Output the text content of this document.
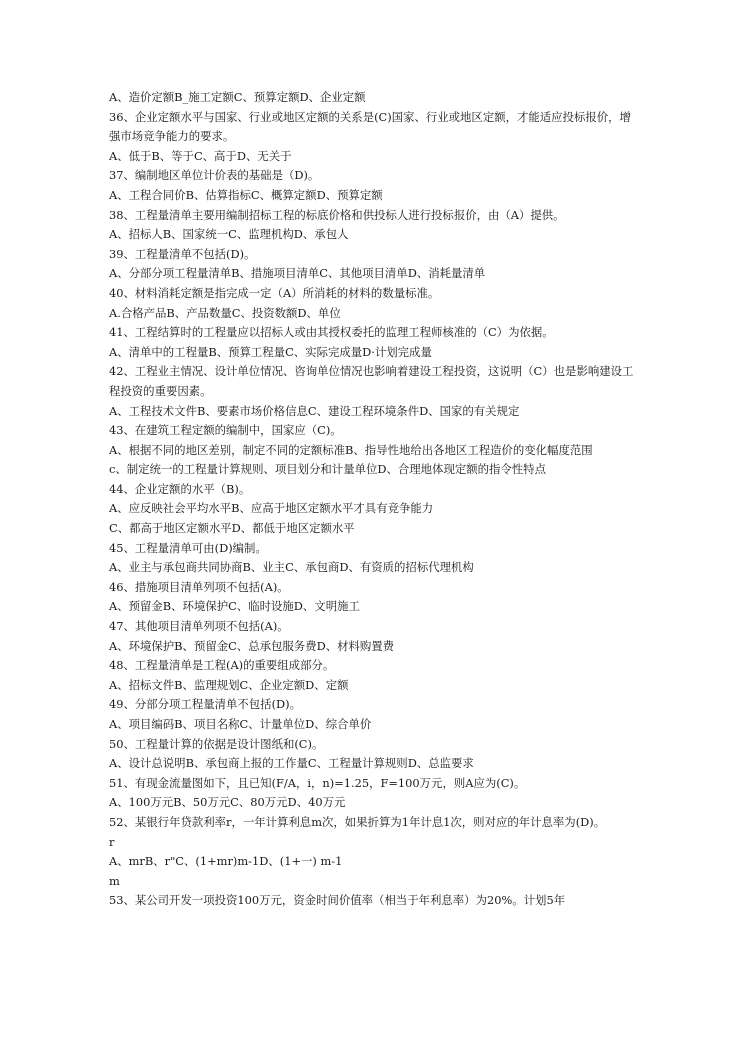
A、造价定额B_施工定额C、预算定额D、企业定额

36、企业定额水平与国家、行业或地区定额的关系是(C)国家、行业或地区定额，才能适应投标报价，增强市场竞争能力的要求。

A、低于B、等于C、高于D、无关于

37、编制地区单位计价表的基础是（D)。

A、工程合同价B、估算指标C、概算定额D、预算定额

38、工程量清单主要用编制招标工程的标底价格和供投标人进行投标报价，由（A）提供。

A、招标人B、国家统一C、监理机构D、承包人

39、工程量清单不包括(D)。

A、分部分项工程量清单B、措施项目清单C、其他项目清单D、消耗量清单

40、材料消耗定额是指完成一定（A）所消耗的材料的数量标准。

A.合格产品B、产品数量C、投资数额D、单位

41、工程结算时的工程量应以招标人或由其授权委托的监理工程师核准的（C）为依据。

A、清单中的工程量B、预算工程量C、实际完成量D·计划完成量

42、工程业主情况、设计单位情况、咨询单位情况也影响着建设工程投资，这说明（C）也是影响建设工程投资的重要因素。

A、工程技术文件B、要素市场价格信息C、建设工程环境条件D、国家的有关规定

43、在建筑工程定额的编制中，国家应（C)。

A、根据不同的地区差别，制定不同的定额标准B、指导性地给出各地区工程造价的变化幅度范围

c、制定统一的工程量计算规则、项目划分和计量单位D、合理地体现定额的指令性特点

44、企业定额的水平（B)。

A、应反映社会平均水平B、应高于地区定额水平才具有竞争能力

C、都高于地区定额水平D、都低于地区定额水平

45、工程量清单可由(D)编制。

A、业主与承包商共同协商B、业主C、承包商D、有资质的招标代理机构

46、措施项目清单列项不包括(A)。

A、预留金B、环境保护C、临时设施D、文明施工

47、其他项目清单列项不包括(A)。

A、环境保护B、预留金C、总承包服务费D、材料购置费

48、工程量清单是工程(A)的重要组成部分。

A、招标文件B、监理规划C、企业定额D、定额

49、分部分项工程量清单不包括(D)。

A、项目编码B、项目名称C、计量单位D、综合单价

50、工程量计算的依据是设计图纸和(C)。

A、设计总说明B、承包商上报的工作量C、工程量计算规则D、总监要求

51、有现金流量图如下，且已知(F/A，i，n)=1.25，F=100万元，则A应为(C)。

A、100万元B、50万元C、80万元D、40万元

52、某银行年贷款利率r，一年计算利息m次，如果折算为1年计息1次，则对应的年计息率为(D)。

r

A、mrB、r"C、(1+mr)m-1D、(1+一) m-1

m

53、某公司开发一项投资100万元，资金时间价值率（相当于年利息率）为20%。计划5年
